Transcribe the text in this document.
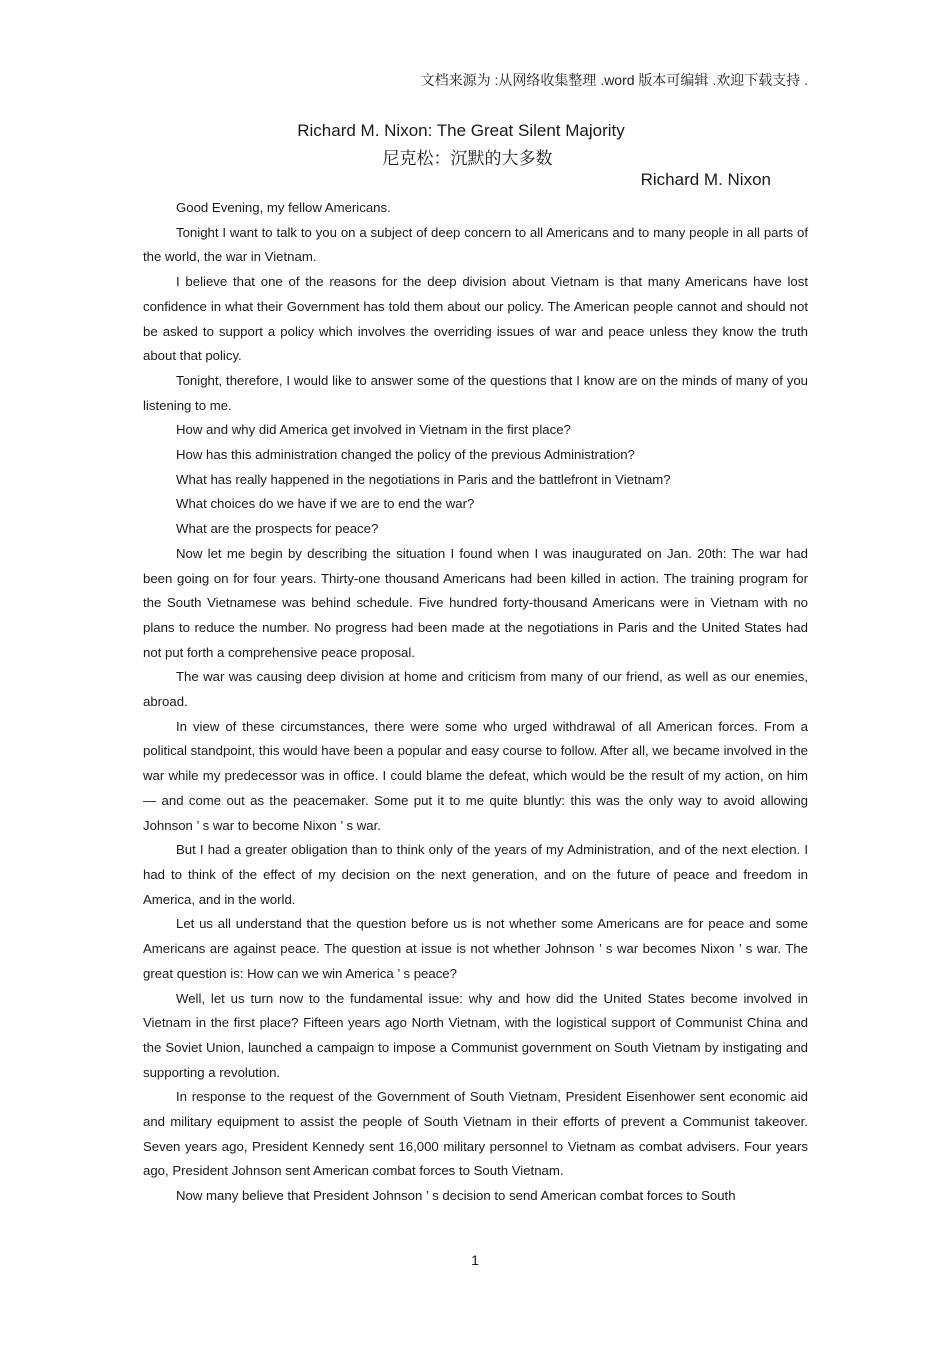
文档来源为 :从网络收集整理 .word 版本可编辑 .欢迎下载支持 .
Richard M. Nixon: The Great Silent Majority
尼克松：沉默的大多数
Richard M. Nixon

Good Evening, my fellow Americans.

Tonight I want to talk to you on a subject of deep concern to all Americans and to many people in all parts of the world, the war in Vietnam.

I believe that one of the reasons for the deep division about Vietnam is that many Americans have lost confidence in what their Government has told them about our policy. The American people cannot and should not be asked to support a policy which involves the overriding issues of war and peace unless they know the truth about that policy.

Tonight, therefore, I would like to answer some of the questions that I know are on the minds of many of you listening to me.

How and why did America get involved in Vietnam in the first place?

How has this administration changed the policy of the previous Administration?

What has really happened in the negotiations in Paris and the battlefront in Vietnam?

What choices do we have if we are to end the war?

What are the prospects for peace?

Now let me begin by describing the situation I found when I was inaugurated on Jan. 20th: The war had been going on for four years. Thirty-one thousand Americans had been killed in action. The training program for the South Vietnamese was behind schedule. Five hundred forty-thousand Americans were in Vietnam with no plans to reduce the number. No progress had been made at the negotiations in Paris and the United States had not put forth a comprehensive peace proposal.

The war was causing deep division at home and criticism from many of our friend, as well as our enemies, abroad.

In view of these circumstances, there were some who urged withdrawal of all American forces. From a political standpoint, this would have been a popular and easy course to follow. After all, we became involved in the war while my predecessor was in office. I could blame the defeat, which would be the result of my action, on him — and come out as the peacemaker. Some put it to me quite bluntly: this was the only way to avoid allowing Johnson ’ s war to become Nixon ’ s war.

But I had a greater obligation than to think only of the years of my Administration, and of the next election. I had to think of the effect of my decision on the next generation, and on the future of peace and freedom in America, and in the world.

Let us all understand that the question before us is not whether some Americans are for peace and some Americans are against peace. The question at issue is not whether Johnson ’ s war becomes Nixon ’ s war. The great question is: How can we win America ’ s peace?

Well, let us turn now to the fundamental issue: why and how did the United States become involved in Vietnam in the first place? Fifteen years ago North Vietnam, with the logistical support of Communist China and the Soviet Union, launched a campaign to impose a Communist government on South Vietnam by instigating and supporting a revolution.

In response to the request of the Government of South Vietnam, President Eisenhower sent economic aid and military equipment to assist the people of South Vietnam in their efforts of prevent a Communist takeover. Seven years ago, President Kennedy sent 16,000 military personnel to Vietnam as combat advisers. Four years ago, President Johnson sent American combat forces to South Vietnam.

Now many believe that President Johnson ’ s decision to send American combat forces to South

1
